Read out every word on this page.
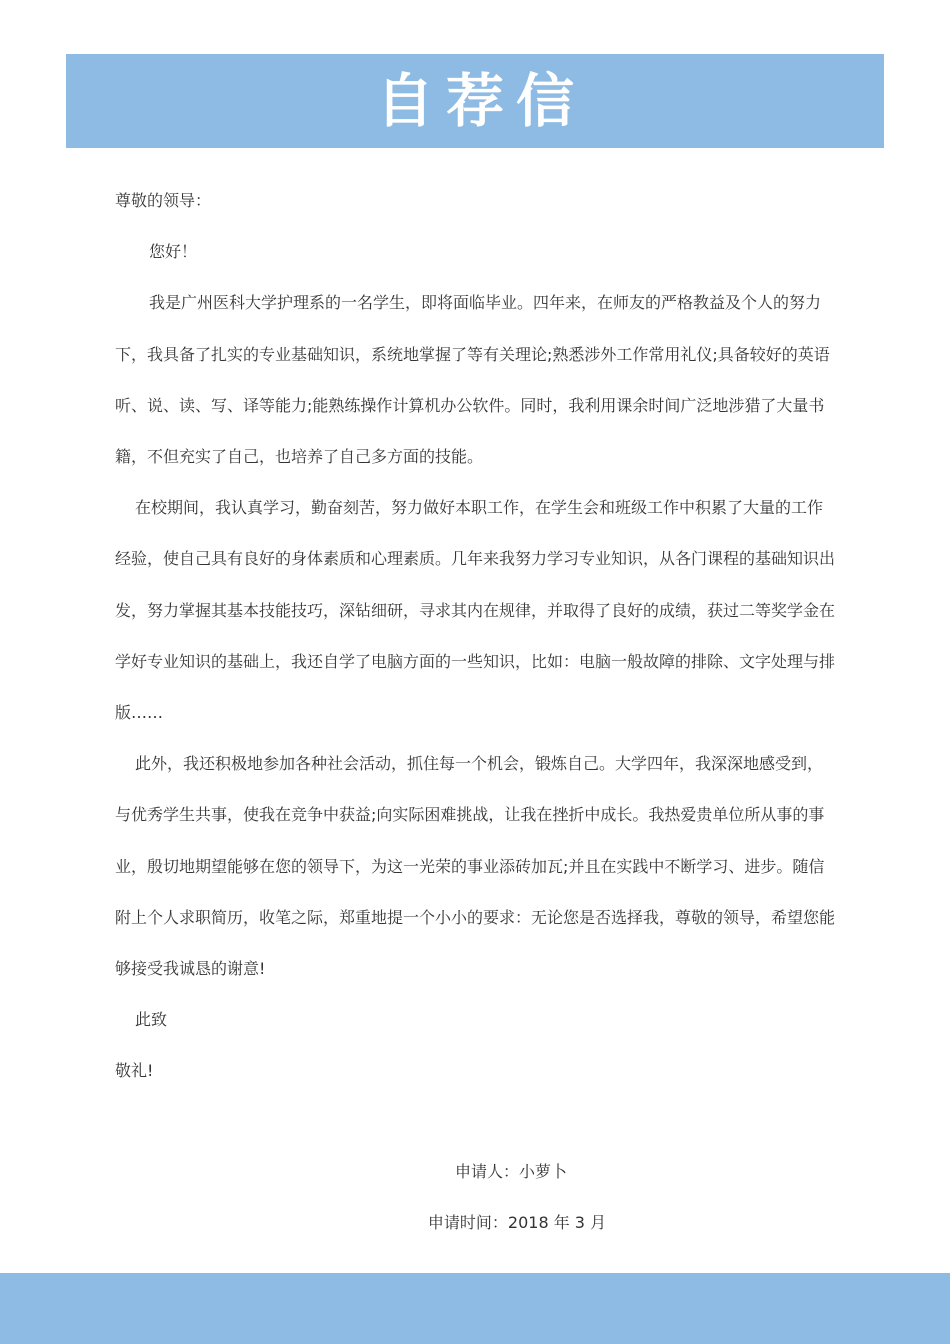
自荐信

尊敬的领导：

您好！

我是广州医科大学护理系的一名学生，即将面临毕业。四年来，在师友的严格教益及个人的努力下，我具备了扎实的专业基础知识，系统地掌握了等有关理论;熟悉涉外工作常用礼仪;具备较好的英语听、说、读、写、译等能力;能熟练操作计算机办公软件。同时，我利用课余时间广泛地涉猎了大量书籍，不但充实了自己，也培养了自己多方面的技能。

在校期间，我认真学习，勤奋刻苦，努力做好本职工作，在学生会和班级工作中积累了大量的工作经验，使自己具有良好的身体素质和心理素质。几年来我努力学习专业知识，从各门课程的基础知识出发，努力掌握其基本技能技巧，深钻细研，寻求其内在规律，并取得了良好的成绩，获过二等奖学金在学好专业知识的基础上，我还自学了电脑方面的一些知识，比如：电脑一般故障的排除、文字处理与排版……

此外，我还积极地参加各种社会活动，抓住每一个机会，锻炼自己。大学四年，我深深地感受到，与优秀学生共事，使我在竞争中获益;向实际困难挑战，让我在挫折中成长。我热爱贵单位所从事的事业，殷切地期望能够在您的领导下，为这一光荣的事业添砖加瓦;并且在实践中不断学习、进步。随信附上个人求职简历，收笔之际，郑重地提一个小小的要求：无论您是否选择我，尊敬的领导，希望您能够接受我诚恳的谢意!

此致

敬礼!

申请人：小萝卜
申请时间：2018 年 3 月
